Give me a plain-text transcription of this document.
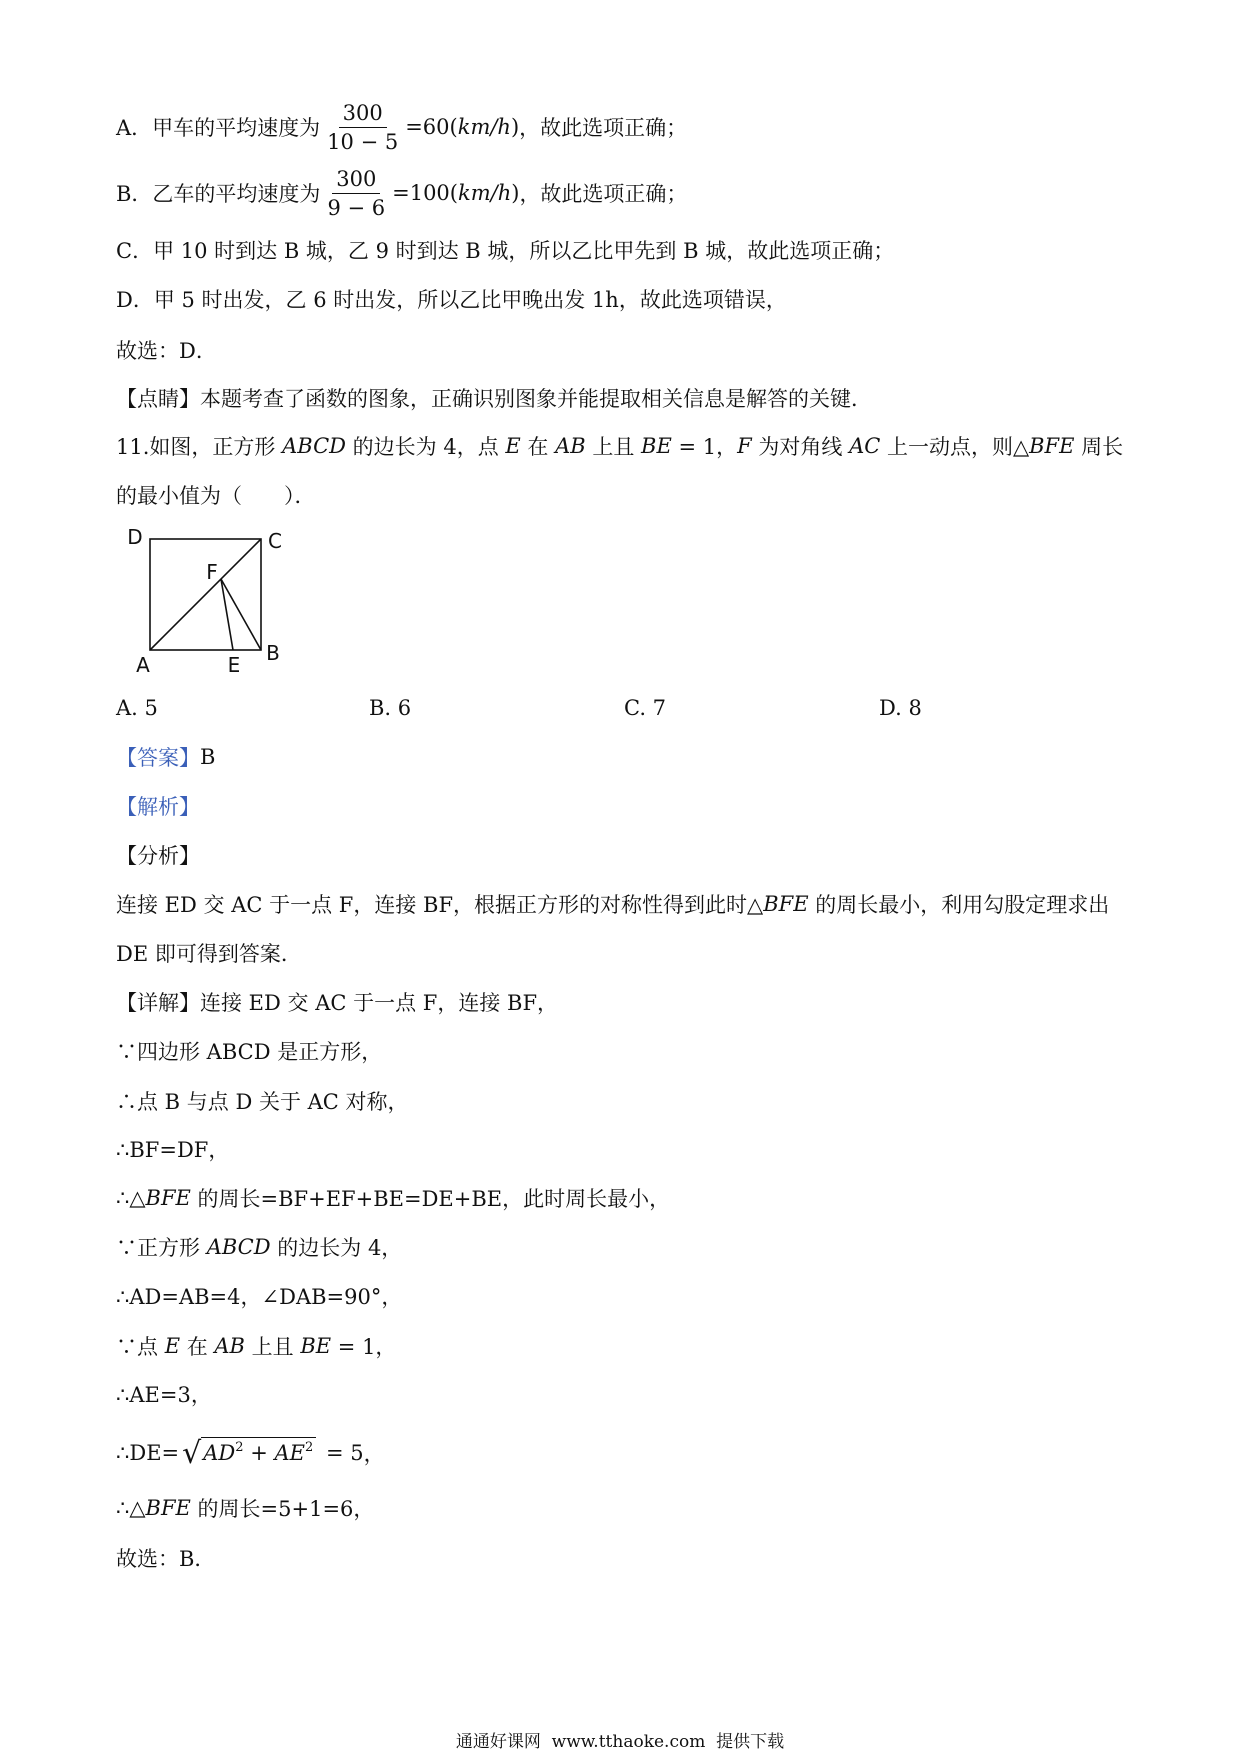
A．甲车的平均速度为 $\frac{300}{10 - 5} =60$( km/h ) ，故此选项正确；
B．乙车的平均速度为 $\frac{300}{9 - 6} =100$( km/h ) ，故此选项正确；
C．甲 10 时到达 B 城，乙 9 时到达 B 城，所以乙比甲先到 B 城，故此选项正确；
D．甲 5 时出发，乙 6 时出发，所以乙比甲晚出发 1h，故此选项错误，
故选：D．
【点睛】本题考查了函数的图象，正确识别图象并能提取相关信息是解答的关键．
11.如图，正方形 ABCD 的边长为 4，点 E 在 AB 上且 BE = 1， F 为对角线 AC 上一动点，则△ BFE 周长
的最小值为（　　）．
D	C
F
A	E B
A. 5	B. 6	C. 7	D. 8
【答案】 B
【解析】
【分析】
连接 ED 交 AC 于一点 F，连接 BF，根据正方形的对称性得到此时△ BFE 的周长最小，利用勾股定理求出
DE 即可得到答案．
【详解】连接 ED 交 AC 于一点 F，连接 BF，
∵四边形 ABCD 是正方形，
∴点 B 与点 D 关于 AC 对称，
∴BF=DF，
∴△ BFE 的周长=BF+EF+BE=DE+BE，此时周长最小，
∵正方形 ABCD 的边长为 4，
∴AD=AB=4，∠DAB=90°，
∵点 E 在 AB 上且 BE = 1，
∴AE=3，
∴DE= √ AD 2 + AE 2 = 5 ，
∴△ BFE 的周长=5+1=6，
故选：B．
通通好课网  www.tthaoke.com  提供下载
